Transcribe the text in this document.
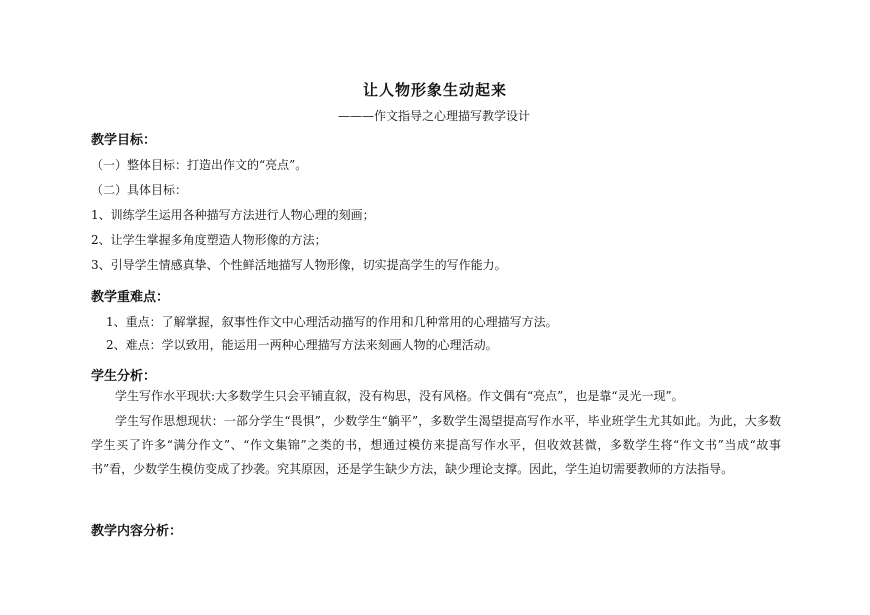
让人物形象生动起来
———作文指导之心理描写教学设计
教学目标：
（一）整体目标：打造出作文的“亮点”。
（二）具体目标：
1、训练学生运用各种描写方法进行人物心理的刻画；
2、让学生掌握多角度塑造人物形像的方法；
3、引导学生情感真挚、个性鲜活地描写人物形像，切实提高学生的写作能力。
教学重难点：
1、重点：了解掌握，叙事性作文中心理活动描写的作用和几种常用的心理描写方法。
2、难点：学以致用，能运用一两种心理描写方法来刻画人物的心理活动。
学生分析：
学生写作水平现状:大多数学生只会平铺直叙，没有构思，没有风格。作文偶有“亮点”，也是靠“灵光一现”。
学生写作思想现状：一部分学生“畏惧”，少数学生“躺平”，多数学生渴望提高写作水平，毕业班学生尤其如此。为此，大多数学生买了许多“满分作文”、“作文集锦”之类的书，想通过模仿来提高写作水平，但收效甚微，多数学生将“作文书”当成“故事书”看，少数学生模仿变成了抄袭。究其原因，还是学生缺少方法，缺少理论支撑。因此，学生迫切需要教师的方法指导。
教学内容分析：
